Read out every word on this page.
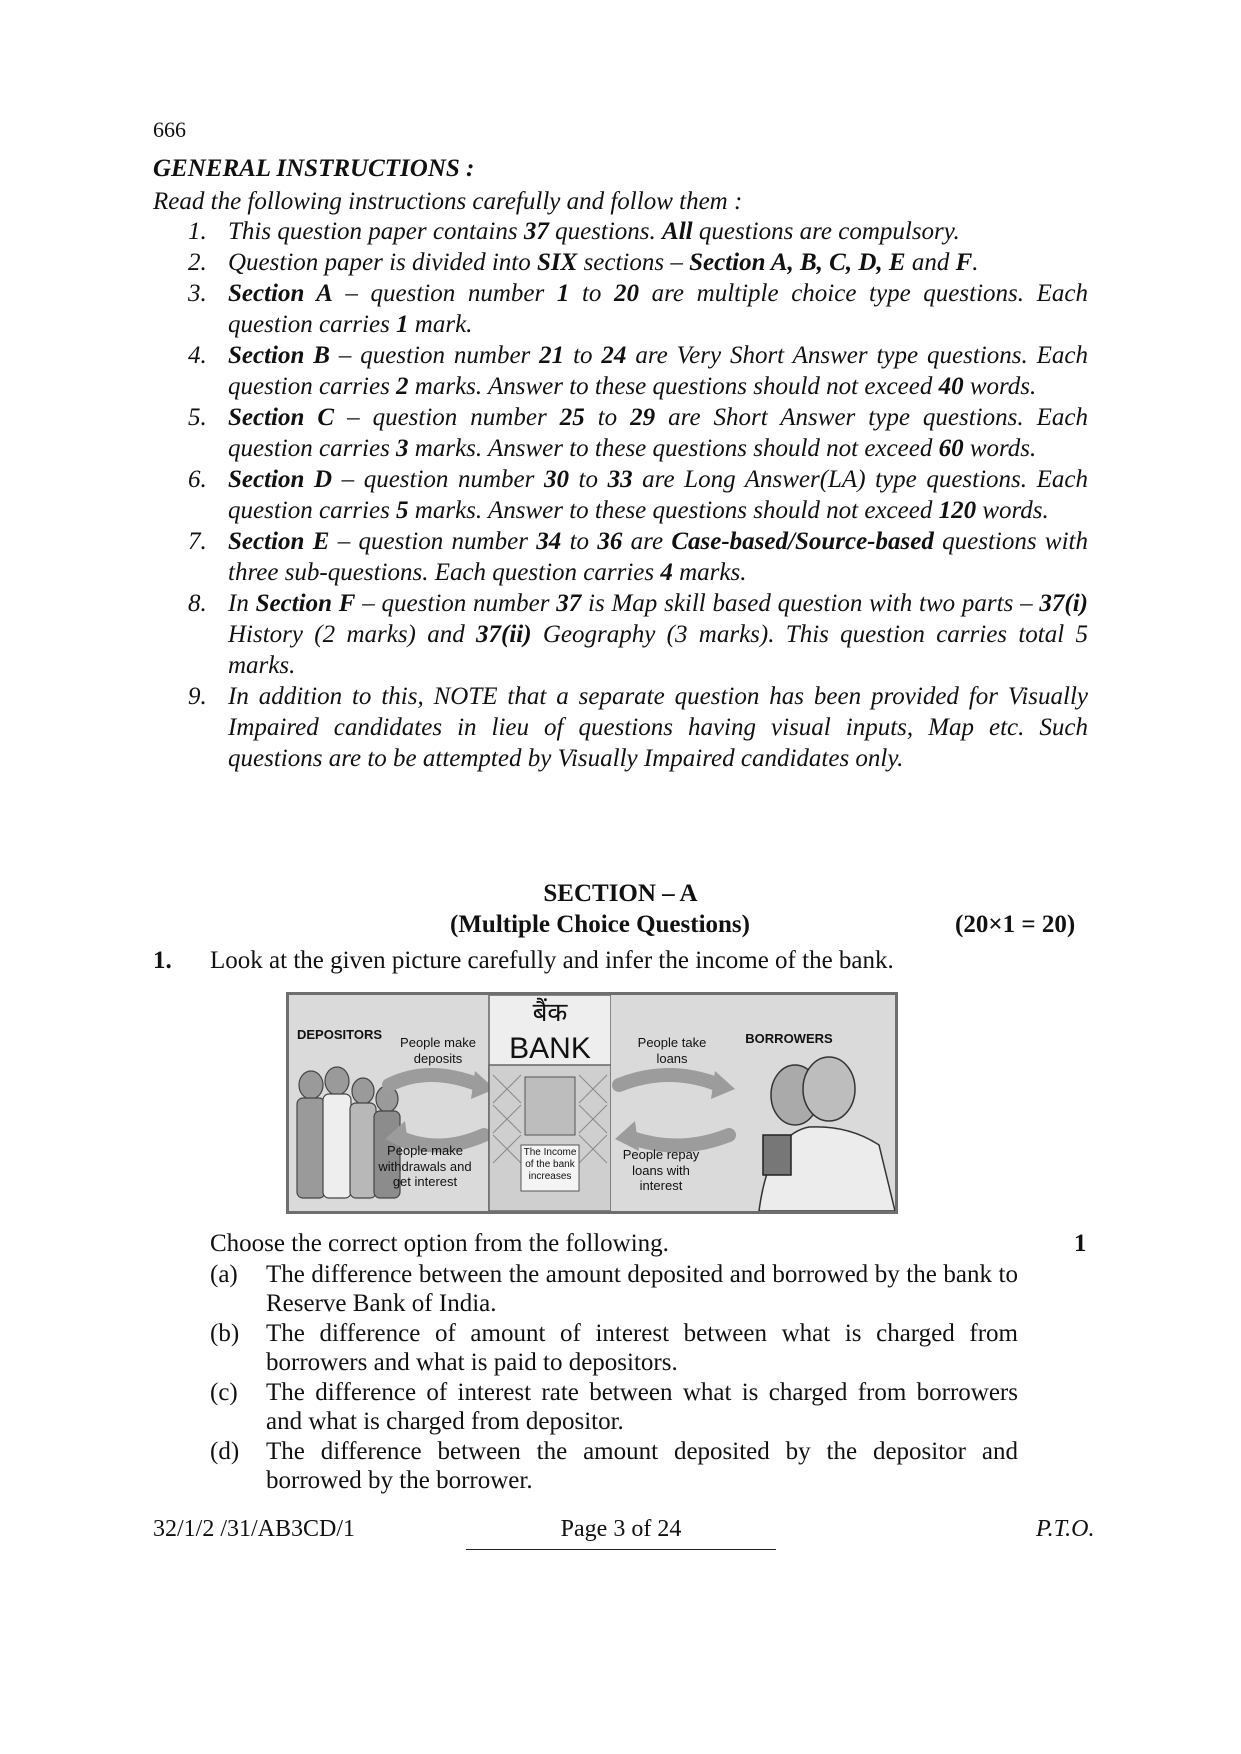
666
GENERAL INSTRUCTIONS :
Read the following instructions carefully and follow them :
1. This question paper contains 37 questions. All questions are compulsory.
2. Question paper is divided into SIX sections – Section A, B, C, D, E and F.
3. Section A – question number 1 to 20 are multiple choice type questions. Each question carries 1 mark.
4. Section B – question number 21 to 24 are Very Short Answer type questions. Each question carries 2 marks. Answer to these questions should not exceed 40 words.
5. Section C – question number 25 to 29 are Short Answer type questions. Each question carries 3 marks. Answer to these questions should not exceed 60 words.
6. Section D – question number 30 to 33 are Long Answer(LA) type questions. Each question carries 5 marks. Answer to these questions should not exceed 120 words.
7. Section E – question number 34 to 36 are Case-based/Source-based questions with three sub-questions. Each question carries 4 marks.
8. In Section F – question number 37 is Map skill based question with two parts – 37(i) History (2 marks) and 37(ii) Geography (3 marks). This question carries total 5 marks.
9. In addition to this, NOTE that a separate question has been provided for Visually Impaired candidates in lieu of questions having visual inputs, Map etc. Such questions are to be attempted by Visually Impaired candidates only.
SECTION – A
(Multiple Choice Questions)	(20×1 = 20)
1. Look at the given picture carefully and infer the income of the bank.
DEPOSITORS
People make deposits
बैंक
BANK	People take loans
BORROWERS
People make withdrawals and get interest
The Income of the bank increases
People repay loans with interest
Choose the correct option from the following.	1
(a) The difference between the amount deposited and borrowed by the bank to Reserve Bank of India.
(b) The difference of amount of interest between what is charged from borrowers and what is paid to depositors.
(c) The difference of interest rate between what is charged from borrowers and what is charged from depositor.
(d) The difference between the amount deposited by the depositor and borrowed by the borrower.
32/1/2 /31/AB3CD/1	Page 3 of 24	P.T.O.
